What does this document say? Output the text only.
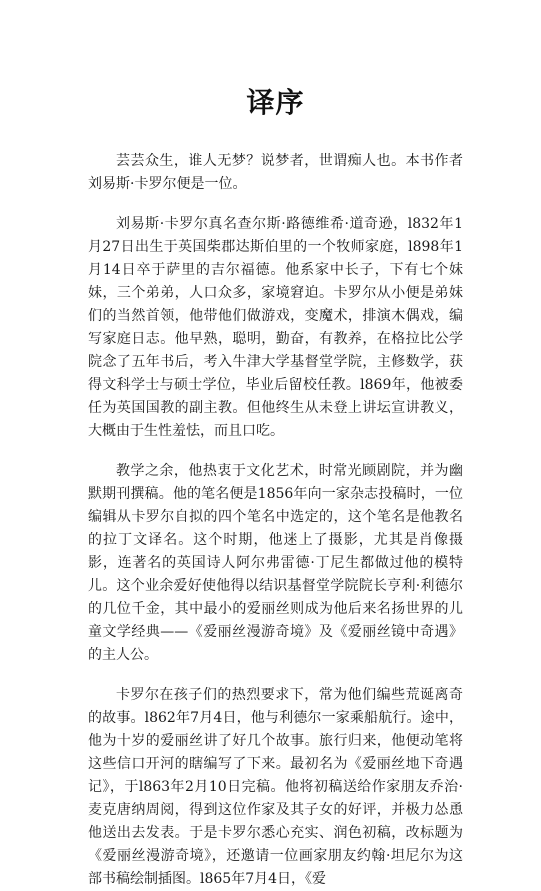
译序

芸芸众生，谁人无梦？说梦者，世谓痴人也。本书作者刘易斯·卡罗尔便是一位。

刘易斯·卡罗尔真名查尔斯·路德维希·道奇逊，l832年1月27日出生于英国柴郡达斯伯里的一个牧师家庭，l898年1月14日卒于萨里的吉尔福德。他系家中长子，下有七个妹妹，三个弟弟，人口众多，家境窘迫。卡罗尔从小便是弟妹们的当然首领，他带他们做游戏，变魔术，排演木偶戏，编写家庭日志。他早熟，聪明，勤奋，有教养，在格拉比公学院念了五年书后，考入牛津大学基督堂学院，主修数学，获得文科学士与硕士学位，毕业后留校任教。l869年，他被委任为英国国教的副主教。但他终生从未登上讲坛宣讲教义，大概由于生性羞怯，而且口吃。

教学之余，他热衷于文化艺术，时常光顾剧院，并为幽默期刊撰稿。他的笔名便是1856年向一家杂志投稿时，一位编辑从卡罗尔自拟的四个笔名中选定的，这个笔名是他教名的拉丁文译名。这个时期，他迷上了摄影，尤其是肖像摄影，连著名的英国诗人阿尔弗雷德·丁尼生都做过他的模特儿。这个业余爱好使他得以结识基督堂学院院长亨利·利德尔的几位千金，其中最小的爱丽丝则成为他后来名扬世界的儿童文学经典——《爱丽丝漫游奇境》及《爱丽丝镜中奇遇》的主人公。

卡罗尔在孩子们的热烈要求下，常为他们编些荒诞离奇的故事。l862年7月4日，他与利德尔一家乘船航行。途中，他为十岁的爱丽丝讲了好几个故事。旅行归来，他便动笔将这些信口开河的瞎编写了下来。最初名为《爱丽丝地下奇遇记》，于l863年2月10日完稿。他将初稿送给作家朋友乔治·麦克唐纳周阅，得到这位作家及其子女的好评，并极力怂恿他送出去发表。于是卡罗尔悉心充实、润色初稿，改标题为《爱丽丝漫游奇境》，还邀请一位画家朋友约翰·坦尼尔为这部书稿绘制插图。l865年7月4日，《爱
